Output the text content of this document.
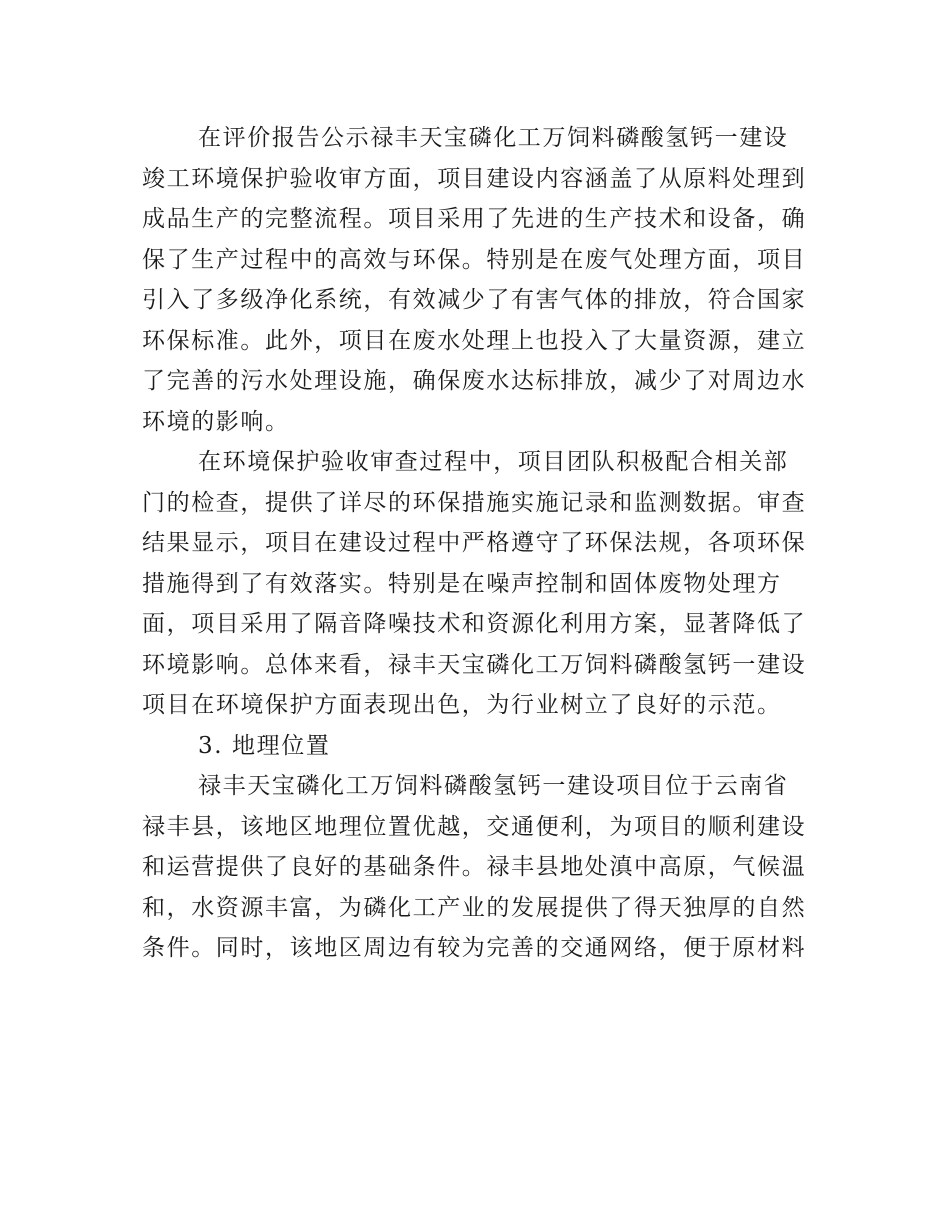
在评价报告公示禄丰天宝磷化工万饲料磷酸氢钙一建设
竣工环境保护验收审方面，项目建设内容涵盖了从原料处理到
成品生产的完整流程。项目采用了先进的生产技术和设备，确
保了生产过程中的高效与环保。特别是在废气处理方面，项目
引入了多级净化系统，有效减少了有害气体的排放，符合国家
环保标准。此外，项目在废水处理上也投入了大量资源，建立
了完善的污水处理设施，确保废水达标排放，减少了对周边水
环境的影响。
在环境保护验收审查过程中，项目团队积极配合相关部
门的检查，提供了详尽的环保措施实施记录和监测数据。审查
结果显示，项目在建设过程中严格遵守了环保法规，各项环保
措施得到了有效落实。特别是在噪声控制和固体废物处理方
面，项目采用了隔音降噪技术和资源化利用方案，显著降低了
环境影响。总体来看，禄丰天宝磷化工万饲料磷酸氢钙一建设
项目在环境保护方面表现出色，为行业树立了良好的示范。
3. 地理位置
禄丰天宝磷化工万饲料磷酸氢钙一建设项目位于云南省
禄丰县，该地区地理位置优越，交通便利，为项目的顺利建设
和运营提供了良好的基础条件。禄丰县地处滇中高原，气候温
和，水资源丰富，为磷化工产业的发展提供了得天独厚的自然
条件。同时，该地区周边有较为完善的交通网络，便于原材料
